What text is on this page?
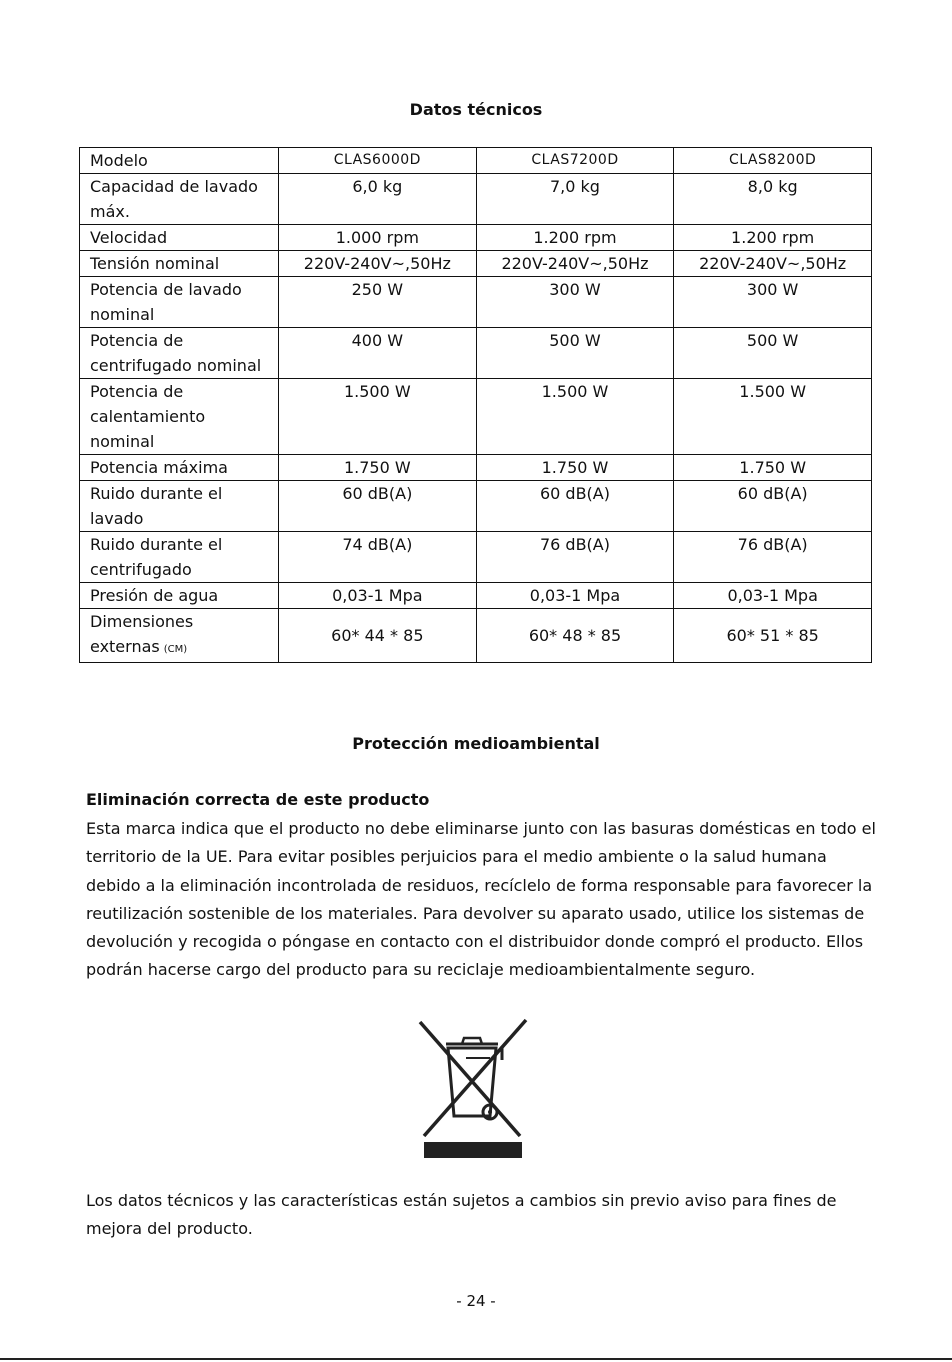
Datos técnicos
Modelo	CLAS6000D	CLAS7200D	CLAS8200D
Capacidad de lavado máx.	6,0 kg	7,0 kg	8,0 kg
Velocidad	1.000 rpm	1.200 rpm	1.200 rpm
Tensión nominal	220V-240V~,50Hz	220V-240V~,50Hz	220V-240V~,50Hz
Potencia de lavado nominal	250 W	300 W	300 W
Potencia de centrifugado nominal	400 W	500 W	500 W
Potencia de calentamiento nominal	1.500 W	1.500 W	1.500 W
Potencia máxima	1.750 W	1.750 W	1.750 W
Ruido durante el lavado	60 dB(A)	60 dB(A)	60 dB(A)
Ruido durante el centrifugado	74 dB(A)	76 dB(A)	76 dB(A)
Presión de agua	0,03-1 Mpa	0,03-1 Mpa	0,03-1 Mpa
Dimensiones externas (CM)	60* 44 * 85	60* 48 * 85	60* 51 * 85
Protección medioambiental
Eliminación correcta de este producto

Esta marca indica que el producto no debe eliminarse junto con las basuras domésticas en todo el territorio de la UE. Para evitar posibles perjuicios para el medio ambiente o la salud humana debido a la eliminación incontrolada de residuos, recíclelo de forma responsable para favorecer la reutilización sostenible de los materiales. Para devolver su aparato usado, utilice los sistemas de devolución y recogida o póngase en contacto con el distribuidor donde compró el producto. Ellos podrán hacerse cargo del producto para su reciclaje medioambientalmente seguro.

Los datos técnicos y las características están sujetos a cambios sin previo aviso para fines de mejora del producto.

- 24 -
